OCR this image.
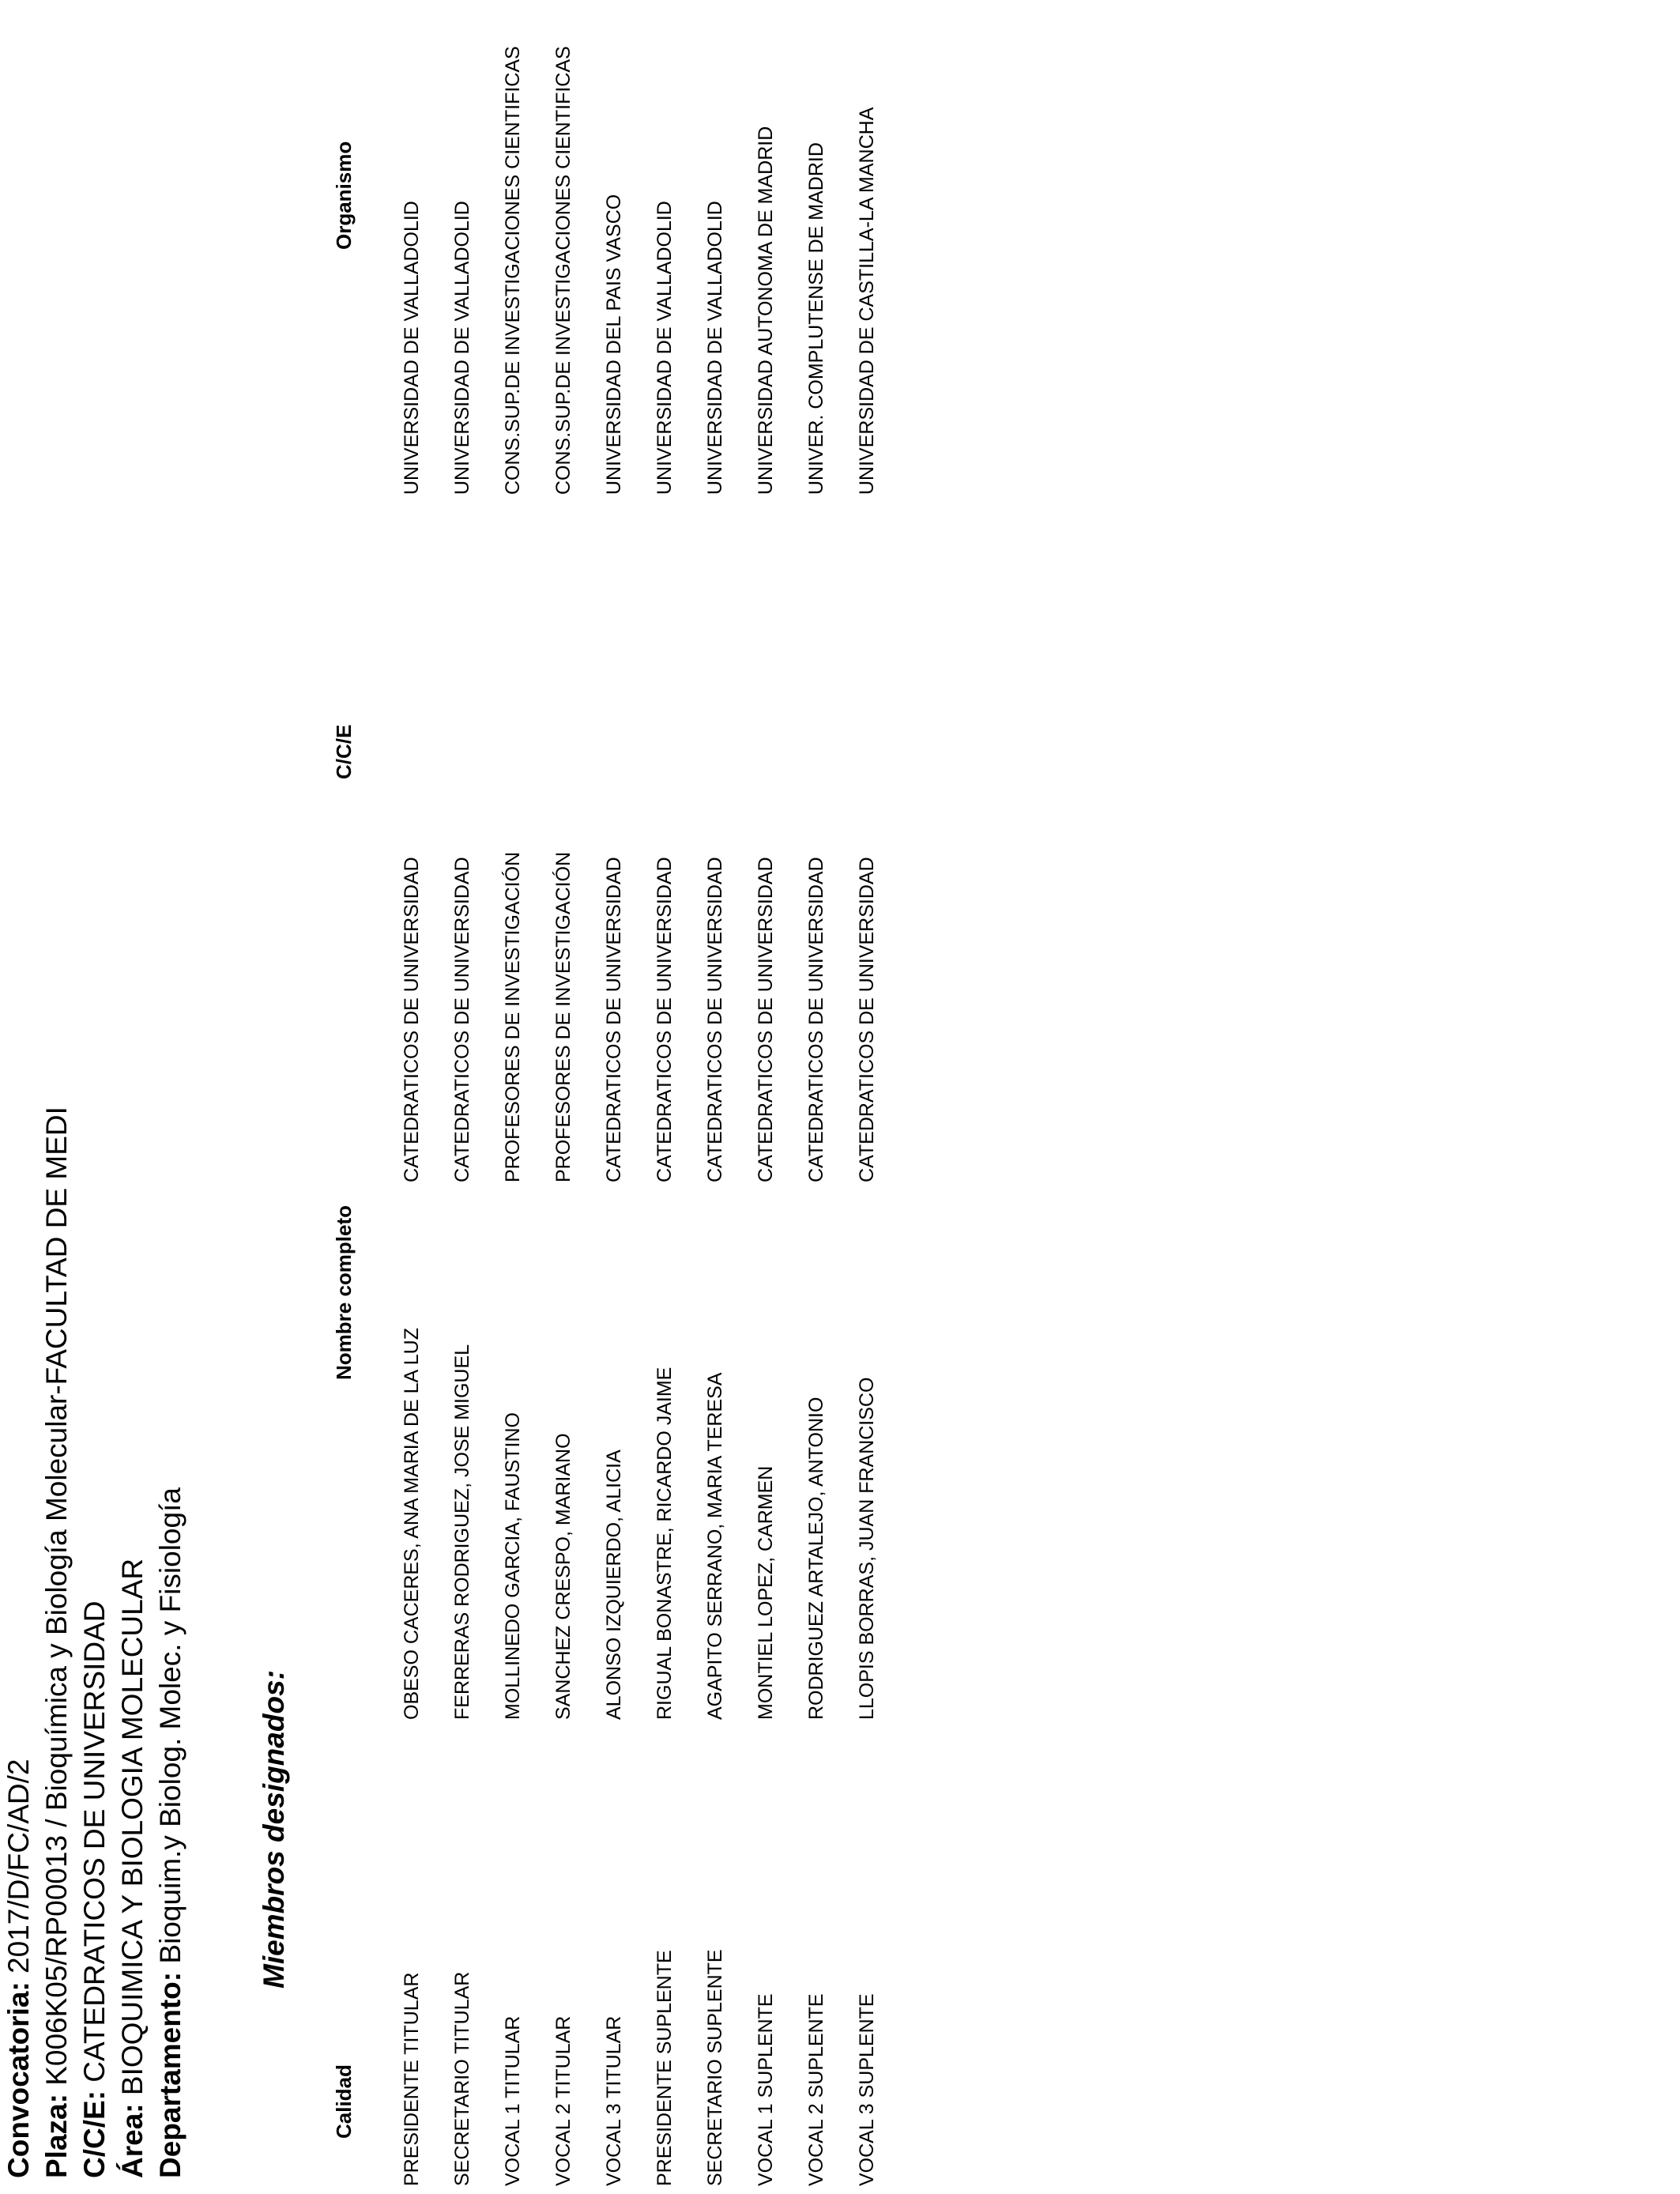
Convocatoria: 2017/D/FC/AD/2
Plaza: K006K05/RP00013 / Bioquímica y Biología Molecular-FACULTAD DE MEDI
C/C/E: CATEDRATICOS DE UNIVERSIDAD
Área: BIOQUIMICA Y BIOLOGIA MOLECULAR Departamento: Bioquim.y Biolog. Molec. y Fisiología Miembros designados:
Calidad
Nombre completo
C/C/E
Organismo
PRESIDENTE TITULAR
OBESO CACERES, ANA MARIA DE LA LUZ
CATEDRATICOS DE UNIVERSIDAD
UNIVERSIDAD DE VALLADOLID
SECRETARIO TITULAR
FERRERAS RODRIGUEZ, JOSE MIGUEL
CATEDRATICOS DE UNIVERSIDAD
UNIVERSIDAD DE VALLADOLID
VOCAL 1 TITULAR
MOLLINEDO GARCIA, FAUSTINO
PROFESORES DE INVESTIGACIÓN
CONS.SUP.DE INVESTIGACIONES CIENTIFICAS
VOCAL 2 TITULAR
SANCHEZ CRESPO, MARIANO
PROFESORES DE INVESTIGACIÓN
CONS.SUP.DE INVESTIGACIONES CIENTIFICAS
VOCAL 3 TITULAR
ALONSO IZQUIERDO, ALICIA
CATEDRATICOS DE UNIVERSIDAD
UNIVERSIDAD DEL PAIS VASCO
PRESIDENTE SUPLENTE
RIGUAL BONASTRE, RICARDO JAIME
CATEDRATICOS DE UNIVERSIDAD
UNIVERSIDAD DE VALLADOLID
SECRETARIO SUPLENTE
AGAPITO SERRANO, MARIA TERESA
CATEDRATICOS DE UNIVERSIDAD
UNIVERSIDAD DE VALLADOLID
VOCAL 1 SUPLENTE
MONTIEL LOPEZ, CARMEN
CATEDRATICOS DE UNIVERSIDAD
UNIVERSIDAD AUTONOMA DE MADRID
VOCAL 2 SUPLENTE
RODRIGUEZ ARTALEJO, ANTONIO
CATEDRATICOS DE UNIVERSIDAD
UNIVER. COMPLUTENSE DE MADRID
VOCAL 3 SUPLENTE
LLOPIS BORRAS, JUAN FRANCISCO
CATEDRATICOS DE UNIVERSIDAD
UNIVERSIDAD DE CASTILLA-LA MANCHA
